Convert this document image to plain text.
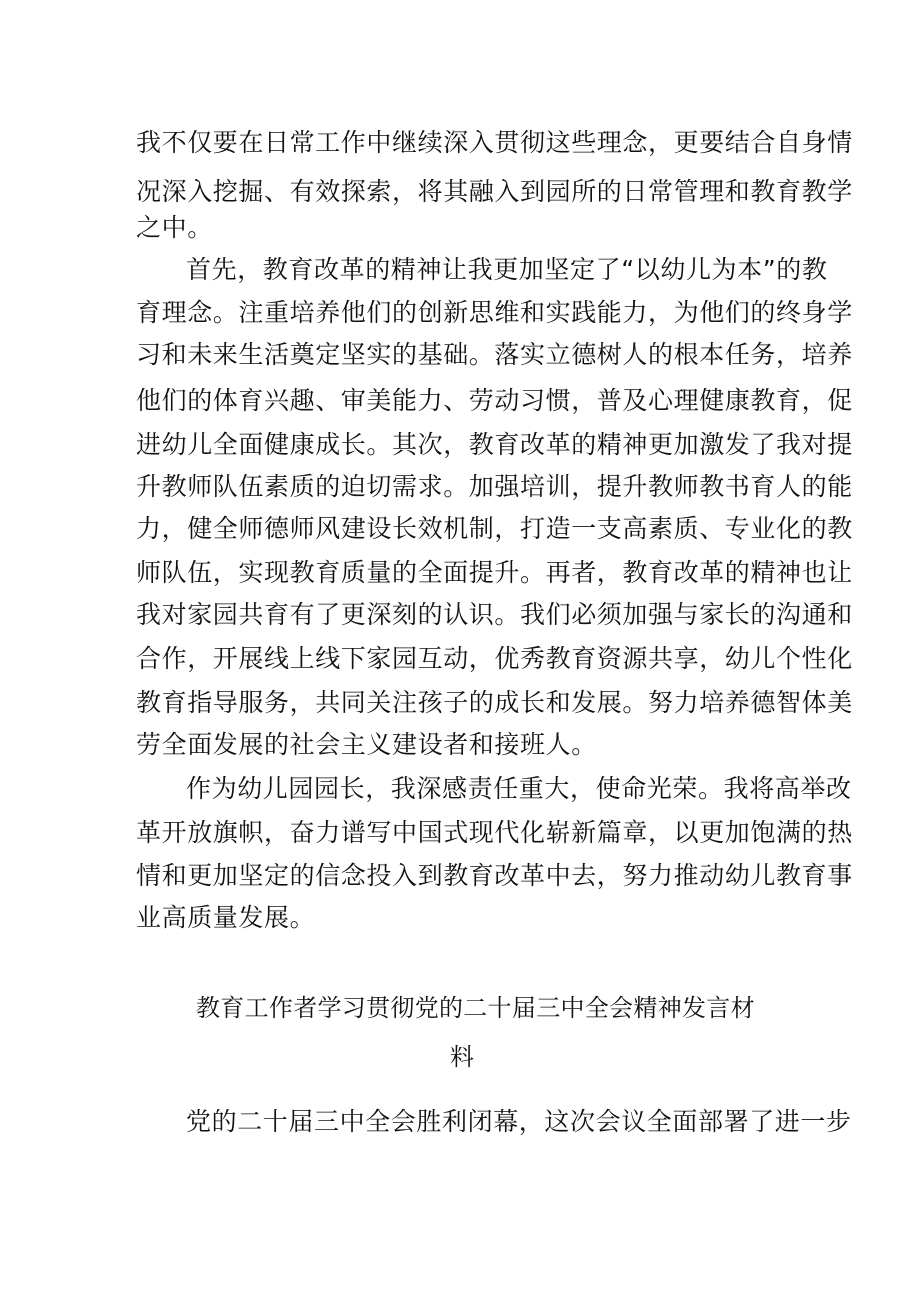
我不仅要在日常工作中继续深入贯彻这些理念，更要结合自身情
况深入挖掘、有效探索，将其融入到园所的日常管理和教育教学
之中。
首先，教育改革的精神让我更加坚定了“以幼儿为本”的教
育理念。注重培养他们的创新思维和实践能力，为他们的终身学
习和未来生活奠定坚实的基础。落实立德树人的根本任务，培养
他们的体育兴趣、审美能力、劳动习惯，普及心理健康教育，促
进幼儿全面健康成长。其次，教育改革的精神更加激发了我对提
升教师队伍素质的迫切需求。加强培训，提升教师教书育人的能
力，健全师德师风建设长效机制，打造一支高素质、专业化的教
师队伍，实现教育质量的全面提升。再者，教育改革的精神也让
我对家园共育有了更深刻的认识。我们必须加强与家长的沟通和
合作，开展线上线下家园互动，优秀教育资源共享，幼儿个性化
教育指导服务，共同关注孩子的成长和发展。努力培养德智体美
劳全面发展的社会主义建设者和接班人。
作为幼儿园园长，我深感责任重大，使命光荣。我将高举改
革开放旗帜，奋力谱写中国式现代化崭新篇章，以更加饱满的热
情和更加坚定的信念投入到教育改革中去，努力推动幼儿教育事
业高质量发展。
教育工作者学习贯彻党的二十届三中全会精神发言材
料
党的二十届三中全会胜利闭幕，这次会议全面部署了进一步
